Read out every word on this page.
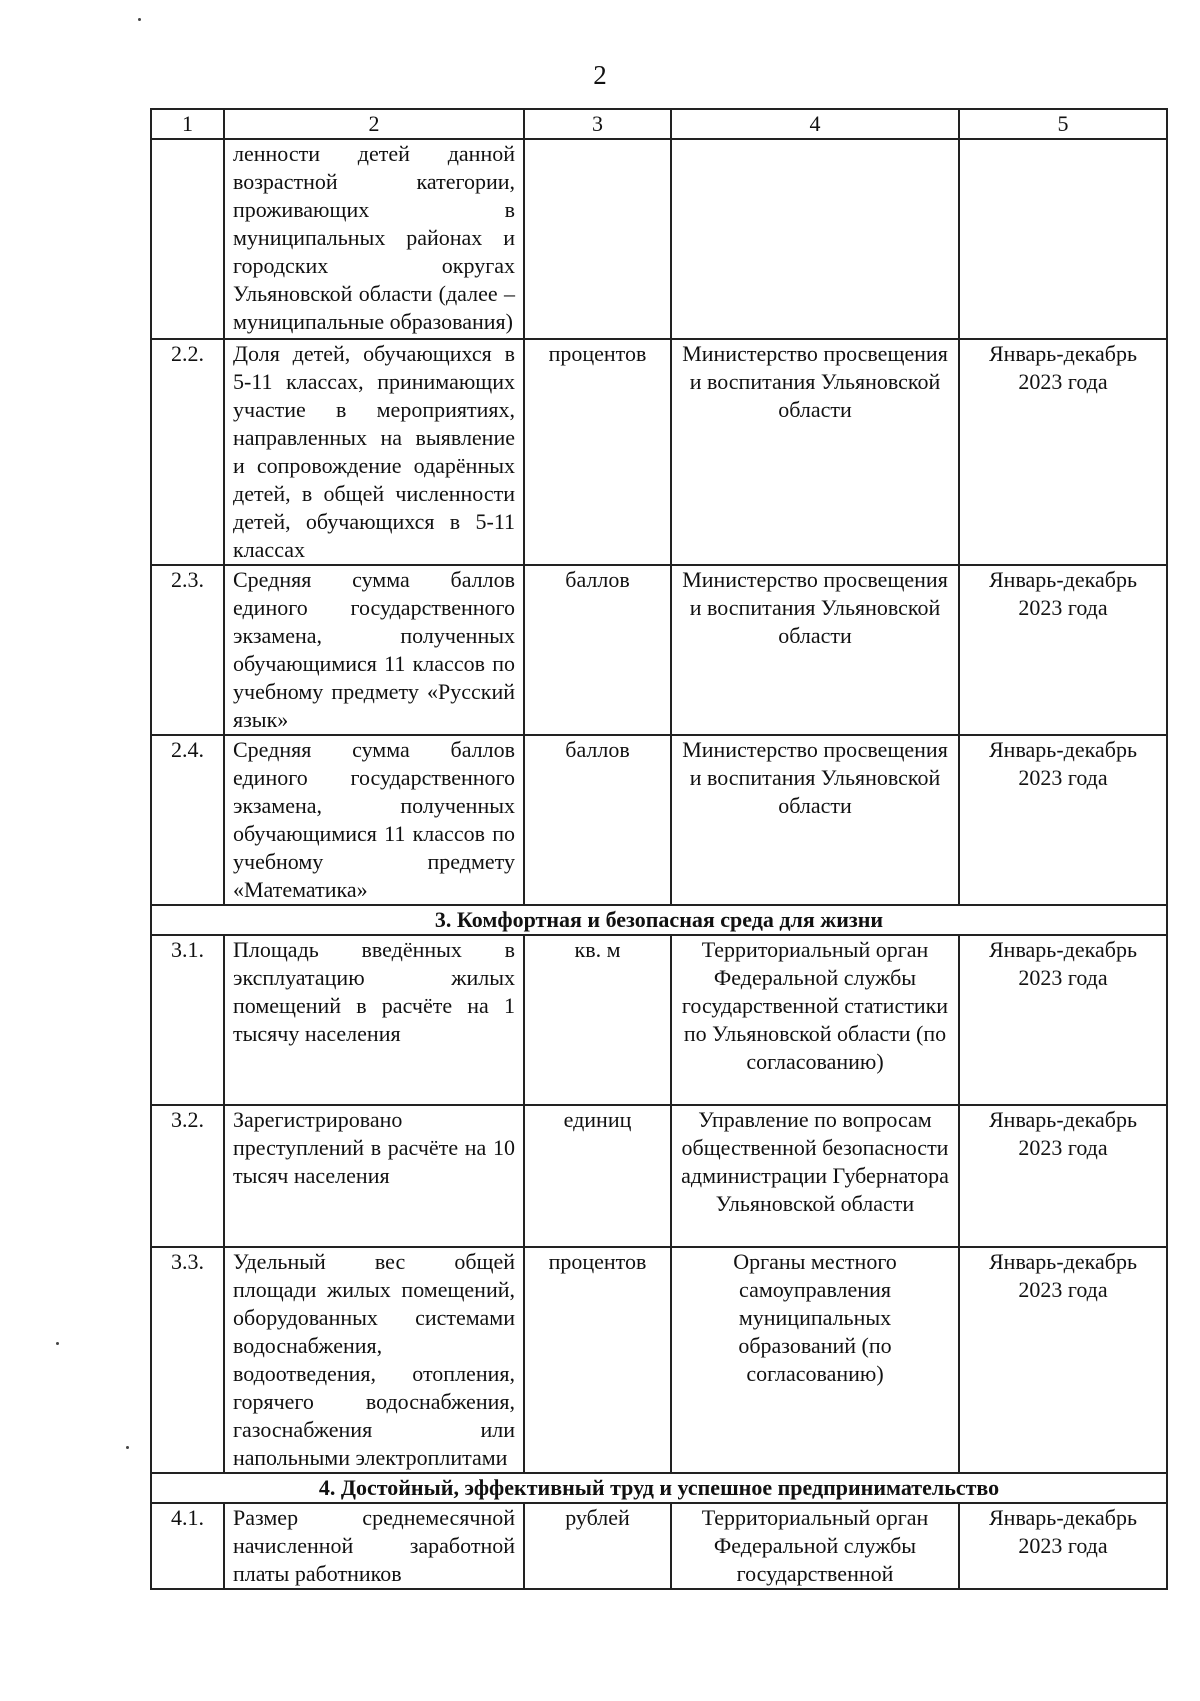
2
1	2	3	4	5
	ленности детей данной возрастной категории, проживающих в муниципальных районах и городских округах Ульяновской области (далее – муниципальные образования)			
2.2.	Доля детей, обучающихся в 5-11 классах, принимающих участие в мероприятиях, направленных на выявление и сопровождение одарённых детей, в общей численности детей, обучающихся в 5-11 классах	процентов	Министерство просвещения и воспитания Ульяновской области	Январь-декабрь 2023 года
2.3.	Средняя сумма баллов единого государственного экзамена, полученных обучающимися 11 классов по учебному предмету «Русский язык»	баллов	Министерство просвещения и воспитания Ульяновской области	Январь-декабрь 2023 года
2.4.	Средняя сумма баллов единого государственного экзамена, полученных обучающимися 11 классов по учебному предмету «Математика»	баллов	Министерство просвещения и воспитания Ульяновской области	Январь-декабрь 2023 года
3. Комфортная и безопасная среда для жизни				
3.1.	Площадь введённых в эксплуатацию жилых помещений в расчёте на 1 тысячу населения	кв. м	Территориальный орган Федеральной службы государственной статистики по Ульяновской области (по согласованию)	Январь-декабрь 2023 года
3.2.	Зарегистрировано преступлений в расчёте на 10 тысяч населения	единиц	Управление по вопросам общественной безопасности администрации Губернатора Ульяновской области	Январь-декабрь 2023 года
3.3.	Удельный вес общей площади жилых помещений, оборудованных системами водоснабжения, водоотведения, отопления, горячего водоснабжения, газоснабжения или напольными электроплитами	процентов	Органы местного самоуправления муниципальных образований (по согласованию)	Январь-декабрь 2023 года
4. Достойный, эффективный труд и успешное предпринимательство				
4.1.	Размер среднемесячной начисленной заработной платы работников	рублей	Территориальный орган Федеральной службы государственной	Январь-декабрь 2023 года
